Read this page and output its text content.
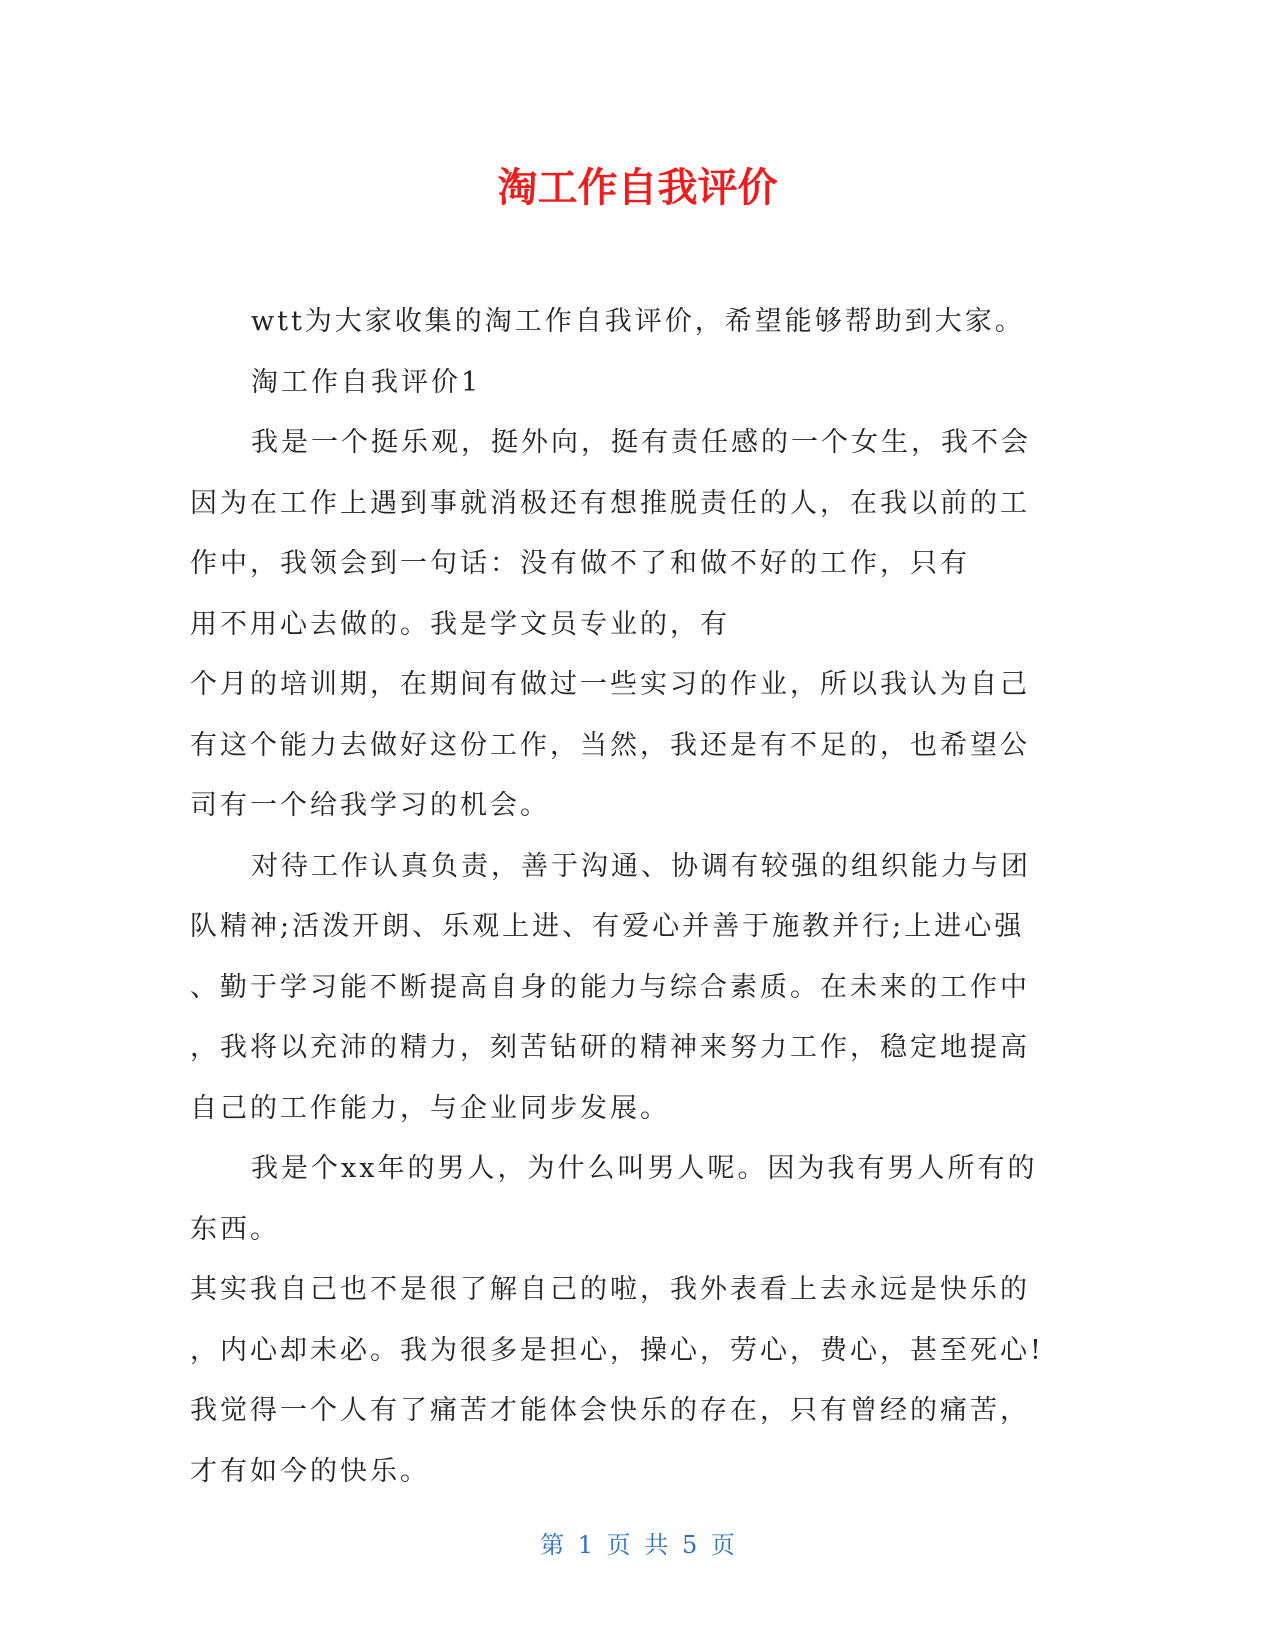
淘工作自我评价
wtt为大家收集的淘工作自我评价，希望能够帮助到大家。
淘工作自我评价1
我是一个挺乐观，挺外向，挺有责任感的一个女生，我不会
因为在工作上遇到事就消极还有想推脱责任的人，在我以前的工
作中，我领会到一句话：没有做不了和做不好的工作，只有
用不用心去做的。我是学文员专业的，有
个月的培训期，在期间有做过一些实习的作业，所以我认为自己
有这个能力去做好这份工作，当然，我还是有不足的，也希望公
司有一个给我学习的机会。
对待工作认真负责，善于沟通、协调有较强的组织能力与团
队精神;活泼开朗、乐观上进、有爱心并善于施教并行;上进心强
、勤于学习能不断提高自身的能力与综合素质。在未来的工作中
，我将以充沛的精力，刻苦钻研的精神来努力工作，稳定地提高
自己的工作能力，与企业同步发展。
我是个xx年的男人，为什么叫男人呢。因为我有男人所有的
东西。
其实我自己也不是很了解自己的啦，我外表看上去永远是快乐的
，内心却未必。我为很多是担心，操心，劳心，费心，甚至死心!
我觉得一个人有了痛苦才能体会快乐的存在，只有曾经的痛苦，
才有如今的快乐。
第 1 页 共 5 页
